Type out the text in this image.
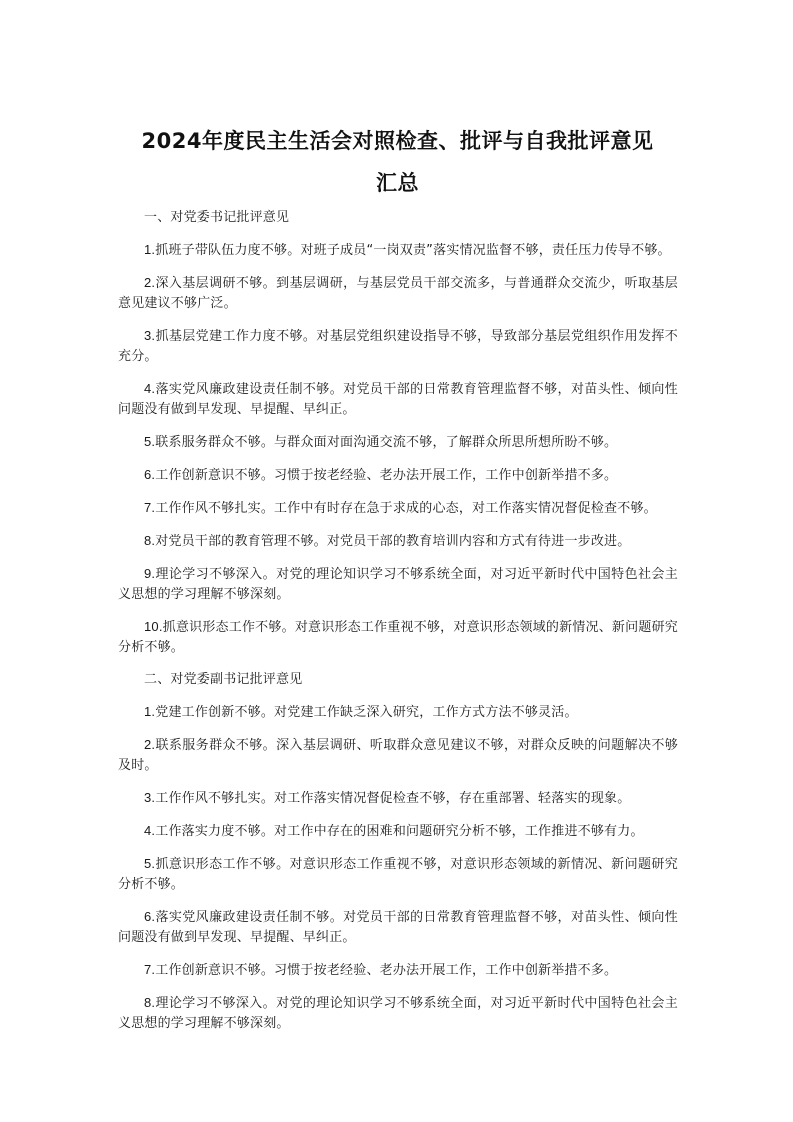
2024年度民主生活会对照检查、批评与自我批评意见
汇总

一、对党委书记批评意见

1.抓班子带队伍力度不够。对班子成员“一岗双责”落实情况监督不够，责任压力传导不够。

2.深入基层调研不够。到基层调研，与基层党员干部交流多，与普通群众交流少，听取基层意见建议不够广泛。

3.抓基层党建工作力度不够。对基层党组织建设指导不够，导致部分基层党组织作用发挥不充分。

4.落实党风廉政建设责任制不够。对党员干部的日常教育管理监督不够，对苗头性、倾向性问题没有做到早发现、早提醒、早纠正。

5.联系服务群众不够。与群众面对面沟通交流不够，了解群众所思所想所盼不够。

6.工作创新意识不够。习惯于按老经验、老办法开展工作，工作中创新举措不多。

7.工作作风不够扎实。工作中有时存在急于求成的心态，对工作落实情况督促检查不够。

8.对党员干部的教育管理不够。对党员干部的教育培训内容和方式有待进一步改进。

9.理论学习不够深入。对党的理论知识学习不够系统全面，对习近平新时代中国特色社会主义思想的学习理解不够深刻。

10.抓意识形态工作不够。对意识形态工作重视不够，对意识形态领域的新情况、新问题研究分析不够。

二、对党委副书记批评意见

1.党建工作创新不够。对党建工作缺乏深入研究，工作方式方法不够灵活。

2.联系服务群众不够。深入基层调研、听取群众意见建议不够，对群众反映的问题解决不够及时。

3.工作作风不够扎实。对工作落实情况督促检查不够，存在重部署、轻落实的现象。

4.工作落实力度不够。对工作中存在的困难和问题研究分析不够，工作推进不够有力。

5.抓意识形态工作不够。对意识形态工作重视不够，对意识形态领域的新情况、新问题研究分析不够。

6.落实党风廉政建设责任制不够。对党员干部的日常教育管理监督不够，对苗头性、倾向性问题没有做到早发现、早提醒、早纠正。

7.工作创新意识不够。习惯于按老经验、老办法开展工作，工作中创新举措不多。

8.理论学习不够深入。对党的理论知识学习不够系统全面，对习近平新时代中国特色社会主义思想的学习理解不够深刻。
